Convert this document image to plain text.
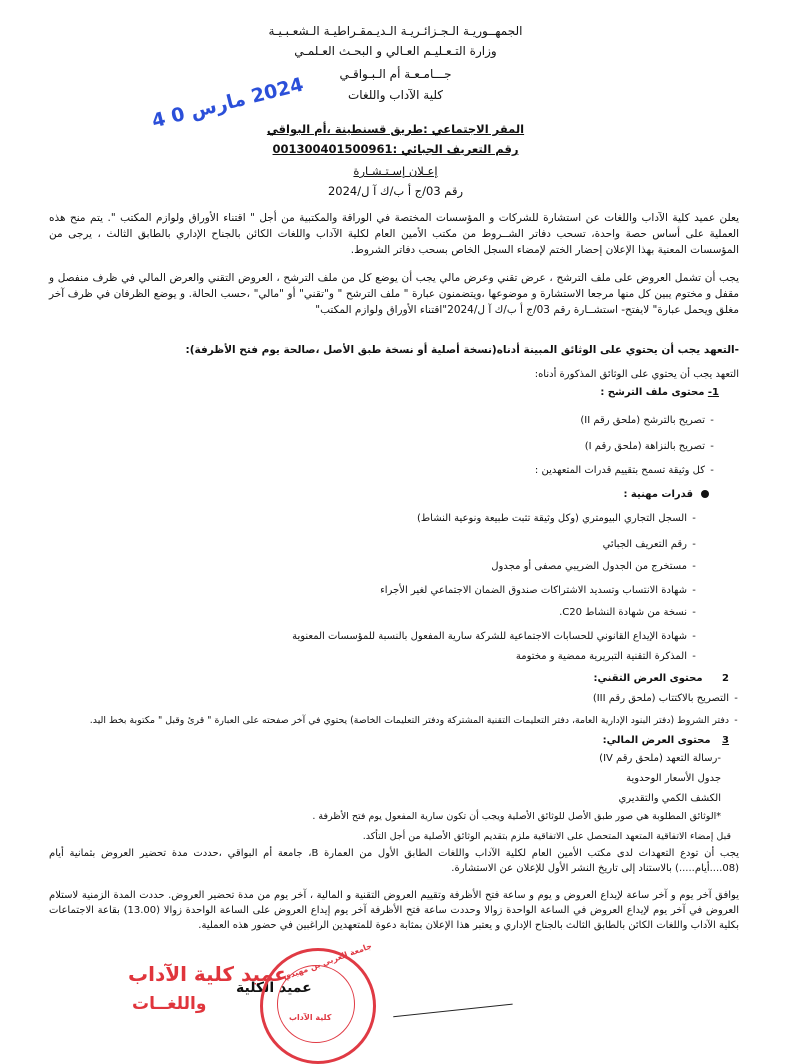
الجمهــوريـة الـجـزائـريـة الـديـمقـراطيـة الـشعـبـيـة
وزارة التـعـليـم العـالي و البحـث العـلمـي
جـــامـعـة أم الـبـواقـي
كلية الآداب واللغات
2024 مارس 0 4
المقر الاجتماعي :طريق قسنطينة ،أم البواقي
رقم التعريف الجبائي :001300401500961
إعـلان إسـتـشـارة
رقم 03/ج أ ب/ك آ ل/2024
يعلن عميد كلية الآداب واللغات عن استشارة للشركات و المؤسسات المختصة في الوراقة والمكتبية من أجل " اقتناء الأوراق ولوازم المكتب ". يتم منح هذه العملية على أساس حصة واحدة، تسحب دفاتر الشــروط من مكتب الأمين العام لكلية الآداب واللغات الكائن بالجناح الإداري بالطابق الثالث ، يرجى من المؤسسات المعنية بهذا الإعلان إحضار الختم لإمضاء السجل الخاص بسحب دفاتر الشروط.
يجب أن تشمل العروض على ملف الترشح ، عرض تقني وعرض مالي يجب أن يوضع كل من ملف الترشح ، العروض التقني والعرض المالي في ظرف منفصل و مقفل و مختوم يبين كل منها مرجعا الاستشارة و موضوعها ،ويتضمنون عبارة " ملف الترشح " و"تقني" أو "مالي" ،حسب الحالة. و يوضع الظرفان في ظرف آخر مغلق ويحمل عبارة" لايفتح- استشــارة رقم 03/ج أ ب/ك آ ل/2024"اقتناء الأوراق ولوازم المكتب"
-التعهد يجب أن يحتوي على الوثائق المبينة أدناه(نسخة أصلية أو نسخة طبق الأصل ،صالحة يوم فتح الأظرفة):
التعهد يجب أن يحتوي على الوثائق المذكورة أدناه:
1- محتوى ملف الترشح :
-تصريح بالترشح (ملحق رقم II)
-تصريح بالنزاهة (ملحق رقم I)
-كل وثيقة تسمح بتقييم قدرات المتعهدين :
قدرات مهنية :
-السجل التجاري البيومتري (وكل وثيقة تثبت طبيعة ونوعية النشاط)
-رقم التعريف الجبائي
-مستخرج من الجدول الضريبي مصفى أو مجدول
-شهادة الانتساب وتسديد الاشتراكات صندوق الضمان الاجتماعي لغير الأجراء
-نسخة من شهادة النشاط C20.
-شهادة الإيداع القانوني للحسابات الاجتماعية للشركة سارية المفعول بالنسبة للمؤسسات المعنوية
-المذكرة التقنية التبريرية ممضية و مختومة
2 محتوى العرض التقني:
-التصريح بالاكتتاب (ملحق رقم III)
-دفتر الشروط (دفتر البنود الإدارية العامة، دفتر التعليمات التقنية المشتركة ودفتر التعليمات الخاصة) يحتوي في آخر صفحته على العبارة " قرئ وقبل " مكتوبة بخط اليد.
3 محتوى العرض المالي:
-رسالة التعهد (ملحق رقم IV)
جدول الأسعار الوحدوية
الكشف الكمي والتقديري
*الوثائق المطلوبة هي صور طبق الأصل للوثائق الأصلية ويجب أن تكون سارية المفعول يوم فتح الأظرفة .
قبل إمضاء الاتفاقية المتعهد المتحصل على الاتفاقية ملزم بتقديم الوثائق الأصلية من أجل التأكد.
يجب أن تودع التعهدات لدى مكتب الأمين العام لكلية الآداب واللغات الطابق الأول من العمارة B، جامعة أم البواقي ،حددت مدة تحضير العروض بثمانية أيام (08....أيام.....) بالاستناد إلى تاريخ النشر الأول للإعلان عن الاستشارة.
يوافق آخر يوم و آخر ساعة لإيداع العروض و يوم و ساعة فتح الأظرفة وتقييم العروض التقنية و المالية ، آخر يوم من مدة تحضير العروض. حددت المدة الزمنية لاستلام العروض في آخر يوم لإيداع العروض في الساعة الواحدة زوالا وحددت ساعة فتح الأظرفة آخر يوم إيداع العروض على الساعة الواحدة زوالا (13.00) بقاعة الاجتماعات بكلية الآداب واللغات الكائن بالطابق الثالث بالجناح الإداري و يعتبر هذا الإعلان بمثابة دعوة للمتعهدين الراغبين في حضور هذه العملية.
عميد كلية الآداب
واللغــات
عميد الكلية
جامعة العربي بن مهيدي
كلية الآداب
